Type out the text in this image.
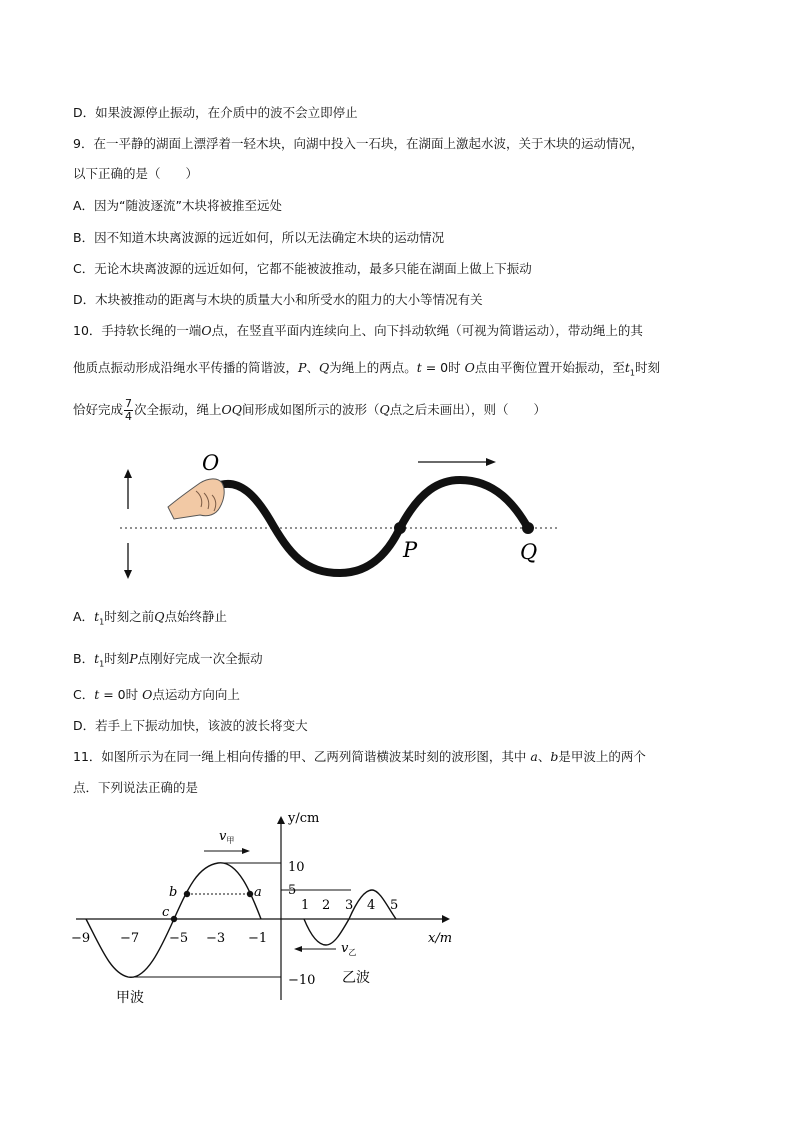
D．如果波源停止振动，在介质中的波不会立即停止
9．在一平静的湖面上漂浮着一轻木块，向湖中投入一石块，在湖面上激起水波，关于木块的运动情况，
以下正确的是（　　）
A．因为“随波逐流”木块将被推至远处
B．因不知道木块离波源的远近如何，所以无法确定木块的运动情况
C．无论木块离波源的远近如何，它都不能被波推动，最多只能在湖面上做上下振动
D．木块被推动的距离与木块的质量大小和所受水的阻力的大小等情况有关
10．手持软长绳的一端O点，在竖直平面内连续向上、向下抖动软绳（可视为简谐运动），带动绳上的其
他质点振动形成沿绳水平传播的简谐波，P、Q为绳上的两点。t = 0时 O点由平衡位置开始振动，至$t_1$时刻
恰好完成 $\frac{7}{4}$ 次全振动，绳上OQ间形成如图所示的波形（Q点之后未画出），则（　　）
O
P	Q
A．$t_1$时刻之前Q点始终静止
B．$t_1$时刻P点刚好完成一次全振动
C．t = 0时 O点运动方向向上
D．若手上下振动加快，该波的波长将变大
11．如图所示为在同一绳上相向传播的甲、乙两列简谐横波某时刻的波形图，其中 a、b是甲波上的两个
点．下列说法正确的是
y/cm
x/m
−9 −7 −5 −3 −1
1 2 3 4 5
10
5
−10
a
b
c
$v_甲$
$v_乙$
乙波
甲波
